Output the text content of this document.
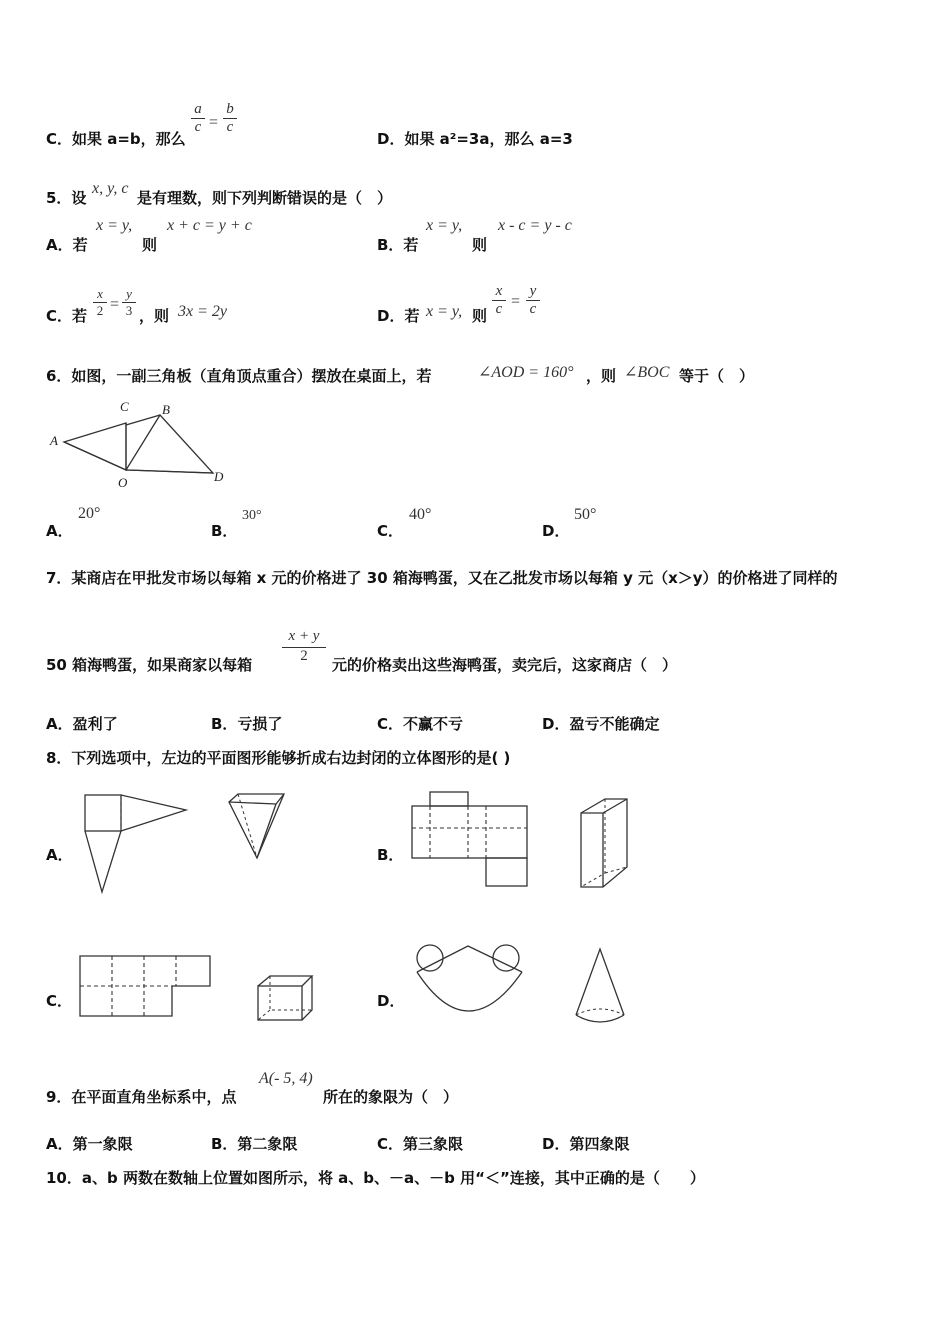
C．如果 a=b，那么
$\frac{a}{c} = \frac{b}{c}$
D．如果 a²=3a，那么 a=3
5．设
x, y, c
是有理数，则下列判断错误的是（　）
A．若
x = y,
则
x + c = y + c
B．若
x = y,
则
x - c = y - c
C．若 $\frac{x}{2} = \frac{y}{3}$ ，则 3x = 2y	D．若 x = y, 则 $\frac{x}{c} = \frac{y}{c}$
6．如图，一副三角板（直角顶点重合）摆放在桌面上，若	∠AOD = 160° ，则 ∠BOC 等于（　）
A
B
C
O	D
A．
20°
B．
30°
C．
40°
D．
50°
7．某商店在甲批发市场以每箱 x 元的价格进了 30 箱海鸭蛋，又在乙批发市场以每箱 y 元（x＞y）的价格进了同样的
50 箱海鸭蛋，如果商家以每箱 $\frac{x + y}{2}$ 元的价格卖出这些海鸭蛋，卖完后，这家商店（　）
A．盈利了	B．亏损了	C．不赢不亏	D．盈亏不能确定
8．下列选项中，左边的平面图形能够折成右边封闭的立体图形的是( )
A．	B．
C．	D．
9．在平面直角坐标系中，点
A(- 5, 4)
所在的象限为（　）
A．第一象限	B．第二象限	C．第三象限	D．第四象限
10．a、b 两数在数轴上位置如图所示，将 a、b、－a、－b 用“＜”连接，其中正确的是（　　）
